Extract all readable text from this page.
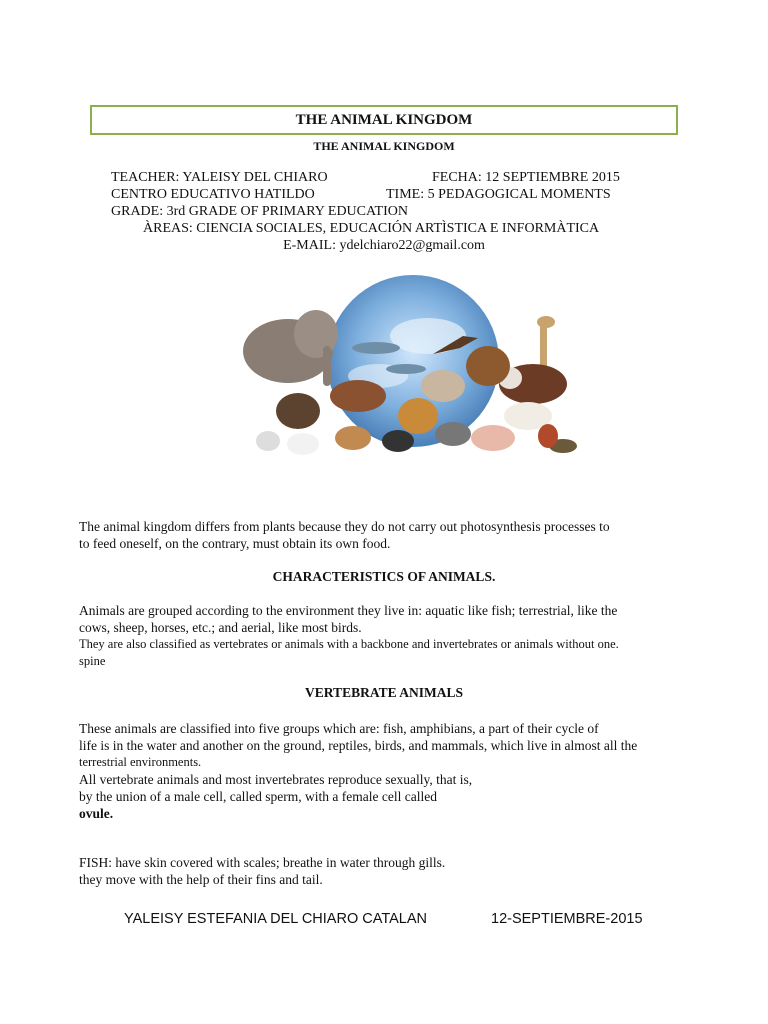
THE ANIMAL KINGDOM
THE ANIMAL KINGDOM
TEACHER: YALEISY DEL CHIARO	FECHA: 12 SEPTIEMBRE 2015
CENTRO EDUCATIVO HATILDO	TIME: 5 PEDAGOGICAL MOMENTS
GRADE: 3rd GRADE OF PRIMARY EDUCATION
ÀREAS: CIENCIA SOCIALES, EDUCACIÓN ARTÌSTICA E INFORMÀTICA
E-MAIL: ydelchiaro22@gmail.com

The animal kingdom differs from plants because they do not carry out photosynthesis processes to

to feed oneself, on the contrary, must obtain its own food.

CHARACTERISTICS OF ANIMALS.

Animals are grouped according to the environment they live in: aquatic like fish; terrestrial, like the

cows, sheep, horses, etc.; and aerial, like most birds.

They are also classified as vertebrates or animals with a backbone and invertebrates or animals without one.

spine

VERTEBRATE ANIMALS

These animals are classified into five groups which are: fish, amphibians, a part of their cycle of

life is in the water and another on the ground, reptiles, birds, and mammals, which live in almost all the

terrestrial environments.

All vertebrate animals and most invertebrates reproduce sexually, that is,

by the union of a male cell, called sperm, with a female cell called

ovule.

FISH: have skin covered with scales; breathe in water through gills.

they move with the help of their fins and tail.

YALEISY ESTEFANIA DEL CHIARO CATALAN	12-SEPTIEMBRE-2015
